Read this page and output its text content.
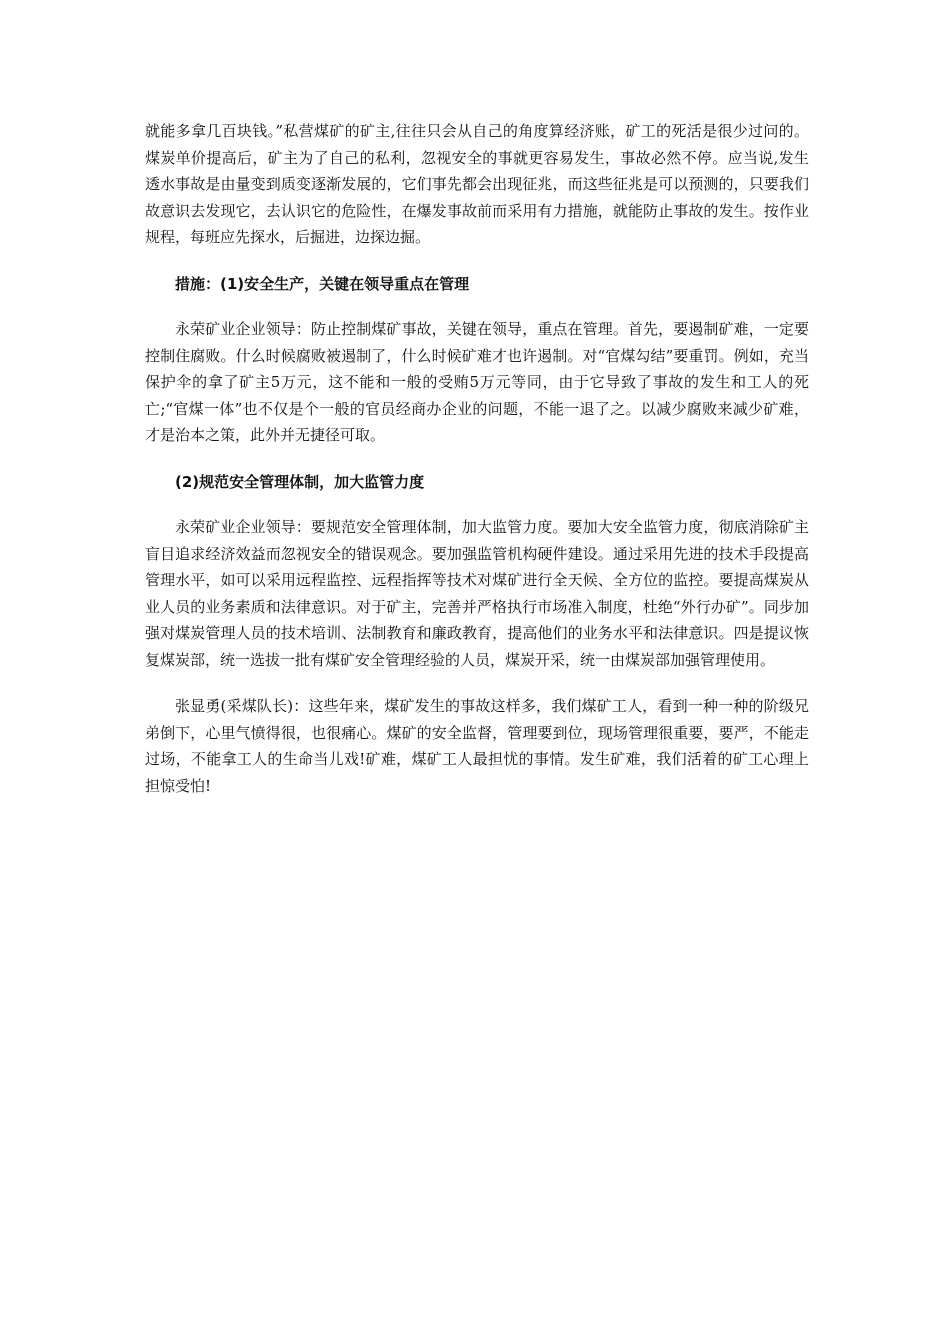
就能多拿几百块钱。”私营煤矿的矿主,往往只会从自己的角度算经济账，矿工的死活是很少过问的。煤炭单价提高后，矿主为了自己的私利，忽视安全的事就更容易发生，事故必然不停。应当说,发生透水事故是由量变到质变逐渐发展的，它们事先都会出现征兆，而这些征兆是可以预测的，只要我们故意识去发现它，去认识它的危险性，在爆发事故前而采用有力措施，就能防止事故的发生。按作业规程，每班应先探水，后掘进，边探边掘。

措施：(1)安全生产，关键在领导重点在管理

永荣矿业企业领导：防止控制煤矿事故，关键在领导，重点在管理。首先，要遏制矿难，一定要控制住腐败。什么时候腐败被遏制了，什么时候矿难才也许遏制。对“官煤勾结”要重罚。例如，充当保护伞的拿了矿主5万元，这不能和一般的受贿5万元等同，由于它导致了事故的发生和工人的死亡;“官煤一体”也不仅是个一般的官员经商办企业的问题，不能一退了之。以减少腐败来减少矿难，才是治本之策，此外并无捷径可取。

(2)规范安全管理体制，加大监管力度

永荣矿业企业领导：要规范安全管理体制，加大监管力度。要加大安全监管力度，彻底消除矿主盲目追求经济效益而忽视安全的错误观念。要加强监管机构硬件建设。通过采用先进的技术手段提高管理水平，如可以采用远程监控、远程指挥等技术对煤矿进行全天候、全方位的监控。要提高煤炭从业人员的业务素质和法律意识。对于矿主，完善并严格执行市场准入制度，杜绝“外行办矿”。同步加强对煤炭管理人员的技术培训、法制教育和廉政教育，提高他们的业务水平和法律意识。四是提议恢复煤炭部，统一选拔一批有煤矿安全管理经验的人员，煤炭开采，统一由煤炭部加强管理使用。

张显勇(采煤队长)：这些年来，煤矿发生的事故这样多，我们煤矿工人，看到一种一种的阶级兄弟倒下，心里气愤得很，也很痛心。煤矿的安全监督，管理要到位，现场管理很重要，要严，不能走过场，不能拿工人的生命当儿戏!矿难，煤矿工人最担忧的事情。发生矿难，我们活着的矿工心理上担惊受怕!
